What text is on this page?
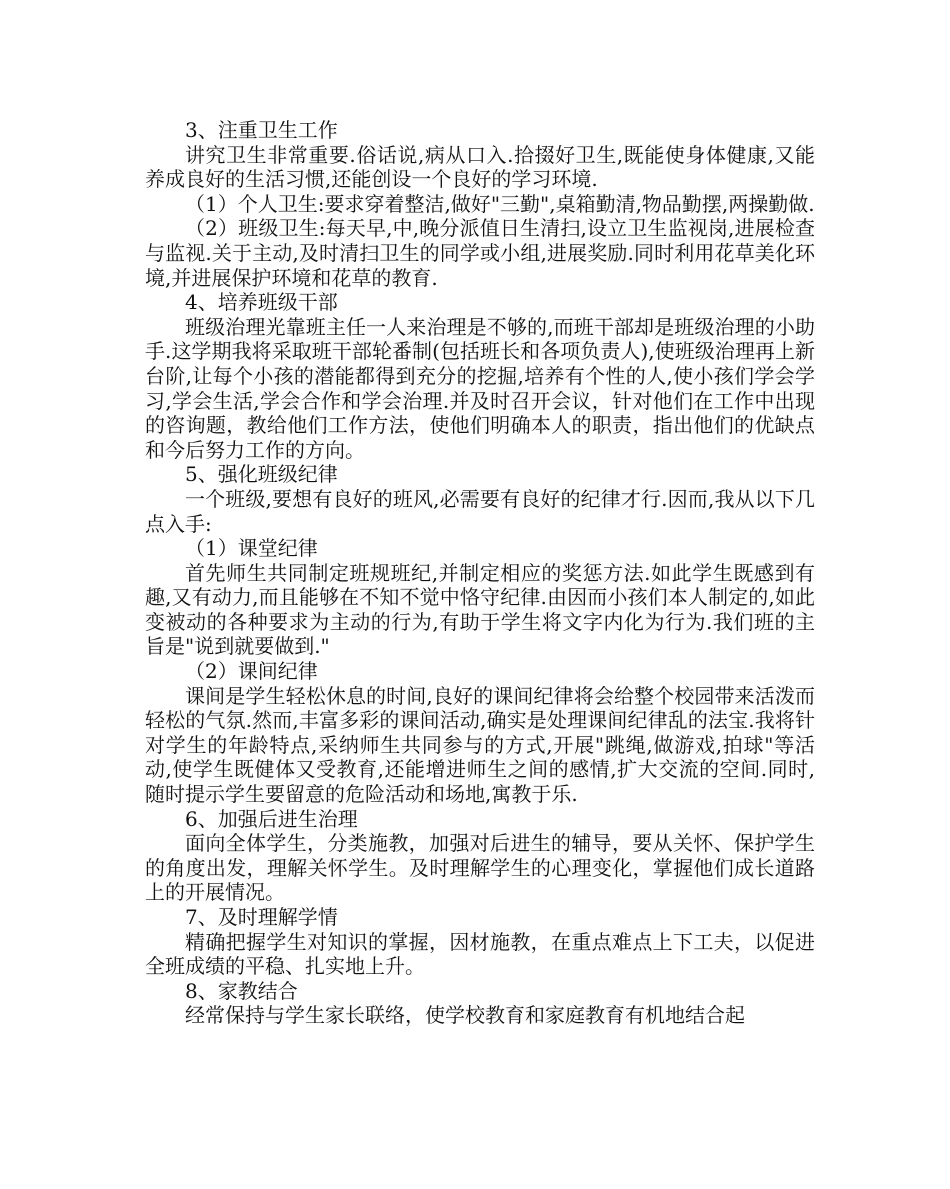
3、注重卫生工作

讲究卫生非常重要.俗话说,病从口入.拾掇好卫生,既能使身体健康,又能养成良好的生活习惯,还能创设一个良好的学习环境.

（1）个人卫生:要求穿着整洁,做好"三勤",桌箱勤清,物品勤摆,两操勤做.

（2）班级卫生:每天早,中,晚分派值日生清扫,设立卫生监视岗,进展检查与监视.关于主动,及时清扫卫生的同学或小组,进展奖励.同时利用花草美化环境,并进展保护环境和花草的教育.

4、培养班级干部

班级治理光靠班主任一人来治理是不够的,而班干部却是班级治理的小助手.这学期我将采取班干部轮番制(包括班长和各项负责人),使班级治理再上新台阶,让每个小孩的潜能都得到充分的挖掘,培养有个性的人,使小孩们学会学习,学会生活,学会合作和学会治理.并及时召开会议，针对他们在工作中出现的咨询题，教给他们工作方法，使他们明确本人的职责，指出他们的优缺点和今后努力工作的方向。

5、强化班级纪律

一个班级,要想有良好的班风,必需要有良好的纪律才行.因而,我从以下几点入手:

（1）课堂纪律

首先师生共同制定班规班纪,并制定相应的奖惩方法.如此学生既感到有趣,又有动力,而且能够在不知不觉中恪守纪律.由因而小孩们本人制定的,如此变被动的各种要求为主动的行为,有助于学生将文字内化为行为.我们班的主旨是"说到就要做到."

（2）课间纪律

课间是学生轻松休息的时间,良好的课间纪律将会给整个校园带来活泼而轻松的气氛.然而,丰富多彩的课间活动,确实是处理课间纪律乱的法宝.我将针对学生的年龄特点,采纳师生共同参与的方式,开展"跳绳,做游戏,拍球"等活动,使学生既健体又受教育,还能增进师生之间的感情,扩大交流的空间.同时,随时提示学生要留意的危险活动和场地,寓教于乐.

6、加强后进生治理

面向全体学生，分类施教，加强对后进生的辅导，要从关怀、保护学生的角度出发，理解关怀学生。及时理解学生的心理变化，掌握他们成长道路上的开展情况。

7、及时理解学情

精确把握学生对知识的掌握，因材施教，在重点难点上下工夫，以促进全班成绩的平稳、扎实地上升。

8、家教结合

经常保持与学生家长联络，使学校教育和家庭教育有机地结合起
